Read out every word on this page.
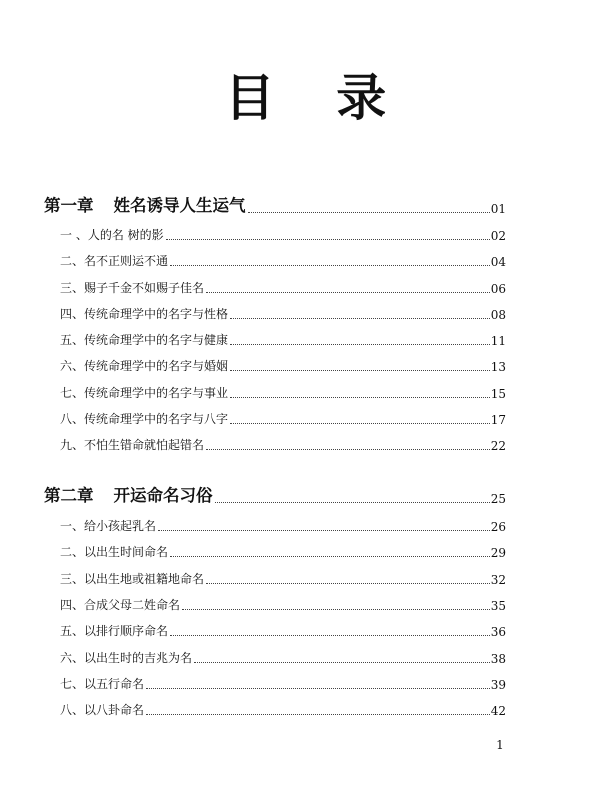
目 录
第一章 姓名诱导人生运气	01
一 、人的名 树的影	02
二、名不正则运不通	04
三、赐子千金不如赐子佳名	06
四、传统命理学中的名字与性格	08
五、传统命理学中的名字与健康	11
六、传统命理学中的名字与婚姻	13
七、传统命理学中的名字与事业	15
八、传统命理学中的名字与八字	17
九、不怕生错命就怕起错名	22
第二章 开运命名习俗	25
一、给小孩起乳名	26
二、以出生时间命名	29
三、以出生地或祖籍地命名	32
四、合成父母二姓命名	35
五、以排行顺序命名	36
六、以出生时的吉兆为名	38
七、以五行命名	39
八、以八卦命名	42
1
